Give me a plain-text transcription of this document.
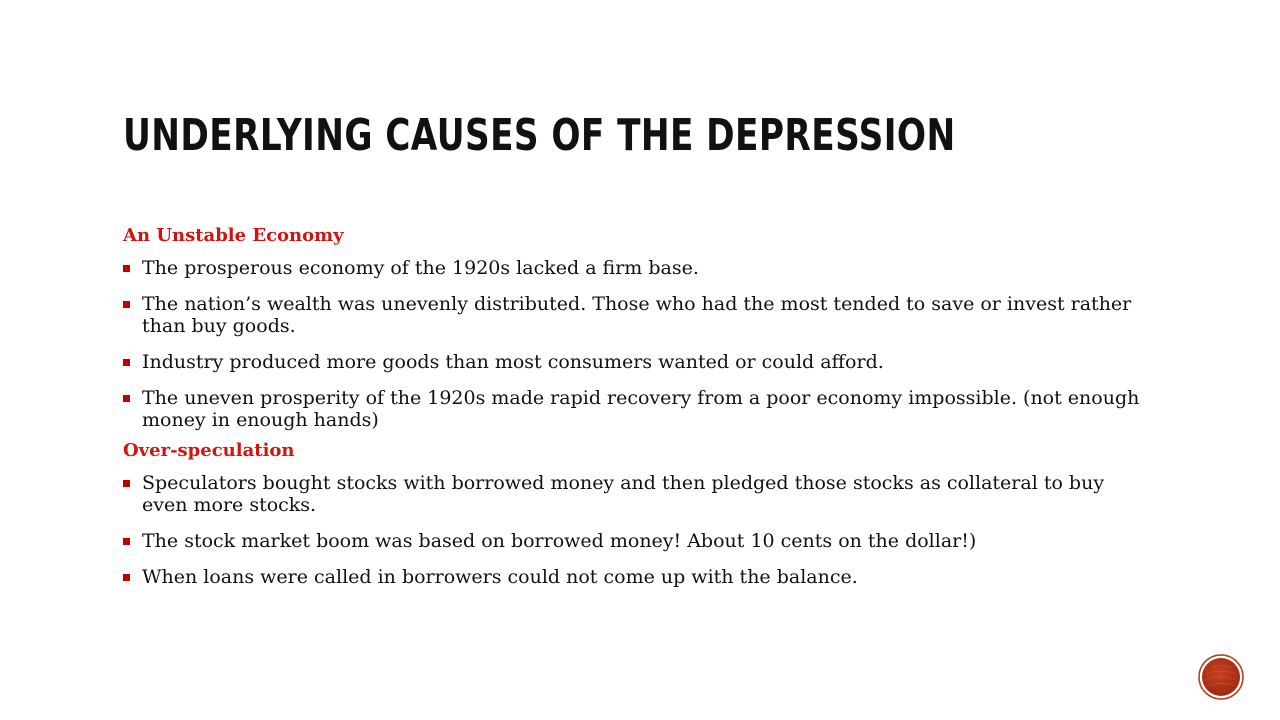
UNDERLYING CAUSES OF THE DEPRESSION
An Unstable Economy
The prosperous economy of the 1920s lacked a firm base.
The nation’s wealth was unevenly distributed. Those who had the most tended to save or invest rather than buy goods.
Industry produced more goods than most consumers wanted or could afford.
The uneven prosperity of the 1920s made rapid recovery from a poor economy impossible. (not enough money in enough hands)
Over-speculation
Speculators bought stocks with borrowed money and then pledged those stocks as collateral to buy even more stocks.
The stock market boom was based on borrowed money! About 10 cents on the dollar!)
When loans were called in borrowers could not come up with the balance.
